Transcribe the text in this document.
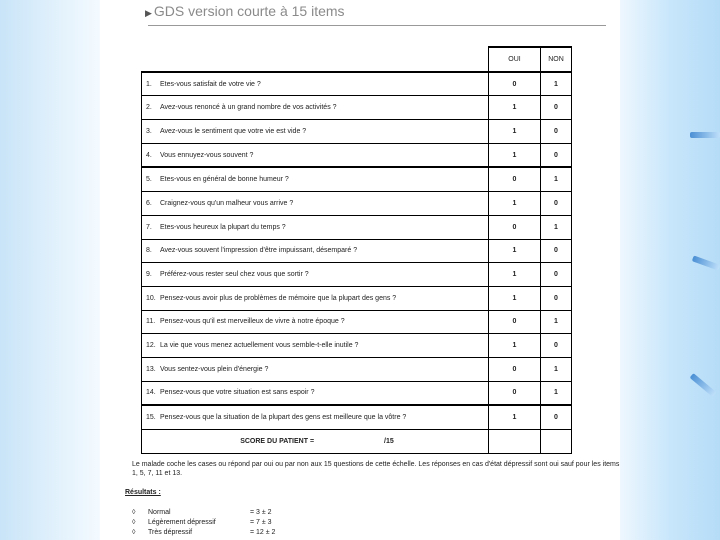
▶ GDS version courte à 15 items
	OUI	NON
1. Etes-vous satisfait de votre vie ?	0	1
2. Avez-vous renoncé à un grand nombre de vos activités ?	1	0
3. Avez-vous le sentiment que votre vie est vide ?	1	0
4. Vous ennuyez-vous souvent ?	1	0
5. Etes-vous en général de bonne humeur ?	0	1
6. Craignez-vous qu'un malheur vous arrive ?	1	0
7. Etes-vous heureux la plupart du temps ?	0	1
8. Avez-vous souvent l'impression d'être impuissant, désemparé ?	1	0
9. Préférez-vous rester seul chez vous que sortir ?	1	0
10. Pensez-vous avoir plus de problèmes de mémoire que la plupart des gens ?	1	0
11. Pensez-vous qu'il est merveilleux de vivre à notre époque ?	0	1
12. La vie que vous menez actuellement vous semble-t-elle inutile ?	1	0
13. Vous sentez-vous plein d'énergie ?	0	1
14. Pensez-vous que votre situation est sans espoir ?	0	1
15. Pensez-vous que la situation de la plupart des gens est meilleure que la vôtre ?	1	0
SCORE DU PATIENT = /15		
Le malade coche les cases ou répond par oui ou par non aux 15 questions de cette échelle. Les réponses en cas d'état dépressif sont oui sauf pour les items 1, 5, 7, 11 et 13.
Résultats :
◊ Normal	= 3 ± 2
◊ Légèrement dépressif	= 7 ± 3
◊ Très dépressif	= 12 ± 2
